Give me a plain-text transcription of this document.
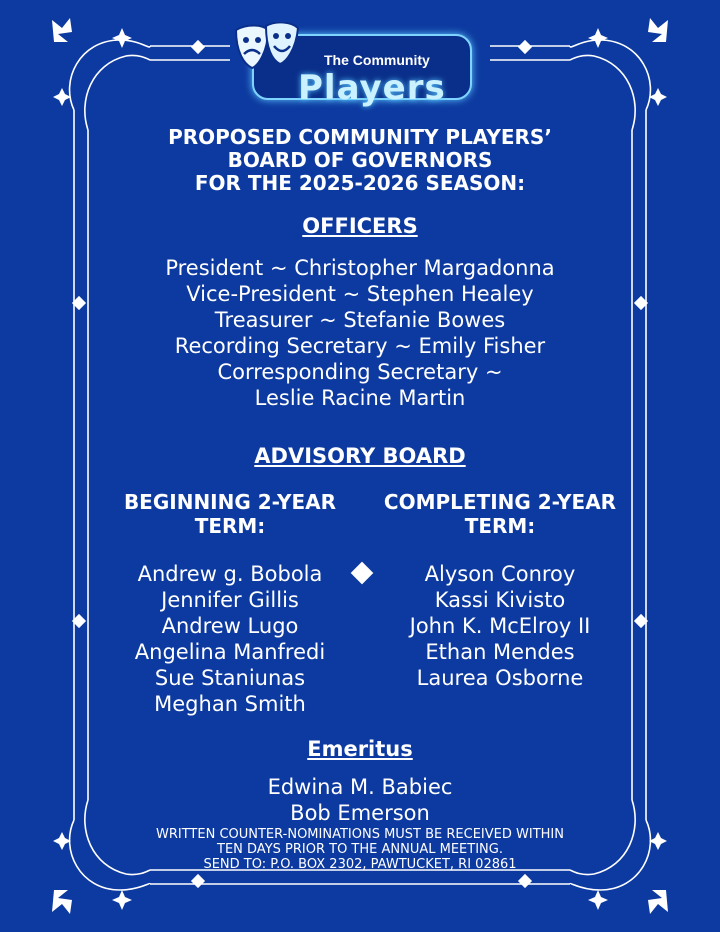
The Community
Players
PROPOSED COMMUNITY PLAYERS’
BOARD OF GOVERNORS
FOR THE 2025-2026 SEASON:
OFFICERS
President ~ Christopher Margadonna
Vice-President ~ Stephen Healey
Treasurer ~ Stefanie Bowes
Recording Secretary ~ Emily Fisher
Corresponding Secretary ~
Leslie Racine Martin
ADVISORY BOARD
BEGINNING 2-YEAR
TERM:
COMPLETING 2-YEAR
TERM:
Andrew g. Bobola
Jennifer Gillis
Andrew Lugo
Angelina Manfredi
Sue Staniunas
Meghan Smith
Alyson Conroy
Kassi Kivisto
John K. McElroy II
Ethan Mendes
Laurea Osborne
Emeritus
Edwina M. Babiec
Bob Emerson
WRITTEN COUNTER-NOMINATIONS MUST BE RECEIVED WITHIN
TEN DAYS PRIOR TO THE ANNUAL MEETING.
SEND TO: P.O. BOX 2302, PAWTUCKET, RI 02861
